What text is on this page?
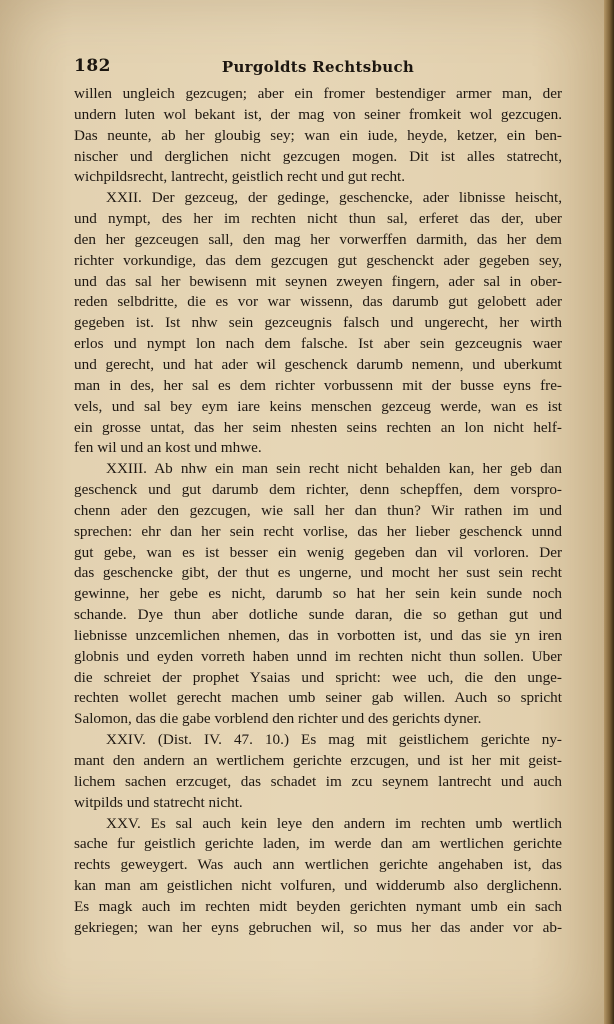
182	Purgoldts Rechtsbuch
willen ungleich gezcugen; aber ein fromer bestendiger armer man, der
undern luten wol bekant ist, der mag von seiner fromkeit wol gezcugen.
Das neunte, ab her gloubig sey; wan ein iude, heyde, ketzer, ein ben-
nischer und derglichen nicht gezcugen mogen. Dit ist alles statrecht,
wichpildsrecht, lantrecht, geistlich recht und gut recht.
XXII. Der gezceug, der gedinge, geschencke, ader libnisse heischt,
und nympt, des her im rechten nicht thun sal, erferet das der, uber
den her gezceugen sall, den mag her vorwerffen darmith, das her dem
richter vorkundige, das dem gezcugen gut geschenckt ader gegeben sey,
und das sal her bewisenn mit seynen zweyen fingern, ader sal in ober-
reden selbdritte, die es vor war wissenn, das darumb gut gelobett ader
gegeben ist. Ist nhw sein gezceugnis falsch und ungerecht, her wirth
erlos und nympt lon nach dem falsche. Ist aber sein gezceugnis waer
und gerecht, und hat ader wil geschenck darumb nemenn, und uberkumt
man in des, her sal es dem richter vorbussenn mit der busse eyns fre-
vels, und sal bey eym iare keins menschen gezceug werde, wan es ist
ein grosse untat, das her seim nhesten seins rechten an lon nicht helf-
fen wil und an kost und mhwe.
XXIII. Ab nhw ein man sein recht nicht behalden kan, her geb dan
geschenck und gut darumb dem richter, denn schepffen, dem vorspro-
chenn ader den gezcugen, wie sall her dan thun? Wir rathen im und
sprechen: ehr dan her sein recht vorlise, das her lieber geschenck unnd
gut gebe, wan es ist besser ein wenig gegeben dan vil vorloren. Der
das geschencke gibt, der thut es ungerne, und mocht her sust sein recht
gewinne, her gebe es nicht, darumb so hat her sein kein sunde noch
schande. Dye thun aber dotliche sunde daran, die so gethan gut und
liebnisse unzcemlichen nhemen, das in vorbotten ist, und das sie yn iren
globnis und eyden vorreth haben unnd im rechten nicht thun sollen. Uber
die schreiet der prophet Ysaias und spricht: wee uch, die den unge-
rechten wollet gerecht machen umb seiner gab willen. Auch so spricht
Salomon, das die gabe vorblend den richter und des gerichts dyner.
XXIV. (Dist. IV. 47. 10.) Es mag mit geistlichem gerichte ny-
mant den andern an wertlichem gerichte erzcugen, und ist her mit geist-
lichem sachen erzcuget, das schadet im zcu seynem lantrecht und auch
witpilds und statrecht nicht.
XXV. Es sal auch kein leye den andern im rechten umb wertlich
sache fur geistlich gerichte laden, im werde dan am wertlichen gerichte
rechts geweygert. Was auch ann wertlichen gerichte angehaben ist, das
kan man am geistlichen nicht volfuren, und widderumb also derglichenn.
Es magk auch im rechten midt beyden gerichten nymant umb ein sach
gekriegen; wan her eyns gebruchen wil, so mus her das ander vor ab-
